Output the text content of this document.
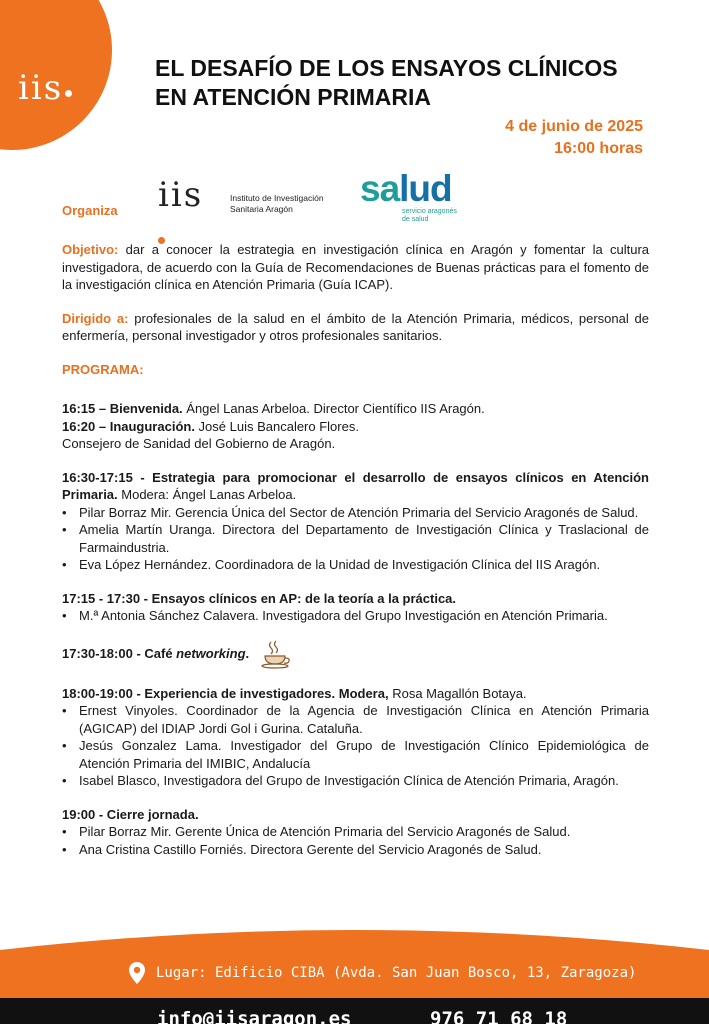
iis	EL DESAFÍO DE LOS ENSAYOS CLÍNICOS
EN ATENCIÓN PRIMARIA
4 de junio de 2025
16:00 horas
Organiza iis	Instituto de Investigación
Sanitaria Aragón	salud
servicio aragonés
de salud

Objetivo: dar a conocer la estrategia en investigación clínica en Aragón y fomentar la cultura investigadora, de acuerdo con la Guía de Recomendaciones de Buenas prácticas para el fomento de la investigación clínica en Atención Primaria (Guía ICAP).

Dirigido a: profesionales de la salud en el ámbito de la Atención Primaria, médicos, personal de enfermería, personal investigador y otros profesionales sanitarios.

PROGRAMA:

16:15 – Bienvenida. Ángel Lanas Arbeloa. Director Científico IIS Aragón.

16:20 – Inauguración. José Luis Bancalero Flores.

Consejero de Sanidad del Gobierno de Aragón.

16:30-17:15 - Estrategia para promocionar el desarrollo de ensayos clínicos en Atención Primaria. Modera: Ángel Lanas Arbeloa.

• Pilar Borraz Mir. Gerencia Única del Sector de Atención Primaria del Servicio Aragonés de Salud.
• Amelia Martín Uranga. Directora del Departamento de Investigación Clínica y Traslacional de Farmaindustria.
• Eva López Hernández. Coordinadora de la Unidad de Investigación Clínica del IIS Aragón.

17:15 - 17:30 - Ensayos clínicos en AP: de la teoría a la práctica.

• M.ª Antonia Sánchez Calavera. Investigadora del Grupo Investigación en Atención Primaria.
17:30-18:00 - Café networking.

18:00-19:00 - Experiencia de investigadores. Modera, Rosa Magallón Botaya.

• Ernest Vinyoles. Coordinador de la Agencia de Investigación Clínica en Atención Primaria (AGICAP) del IDIAP Jordi Gol i Gurina. Cataluña.
• Jesús Gonzalez Lama. Investigador del Grupo de Investigación Clínico Epidemiológica de Atención Primaria del IMIBIC, Andalucía
• Isabel Blasco, Investigadora del Grupo de Investigación Clínica de Atención Primaria, Aragón.

19:00 - Cierre jornada.

• Pilar Borraz Mir. Gerente Única de Atención Primaria del Servicio Aragonés de Salud.
• Ana Cristina Castillo Forniés. Directora Gerente del Servicio Aragonés de Salud.
Lugar: Edificio CIBA (Avda. San Juan Bosco, 13, Zaragoza)
info@iisaragon.es	976 71 68 18
